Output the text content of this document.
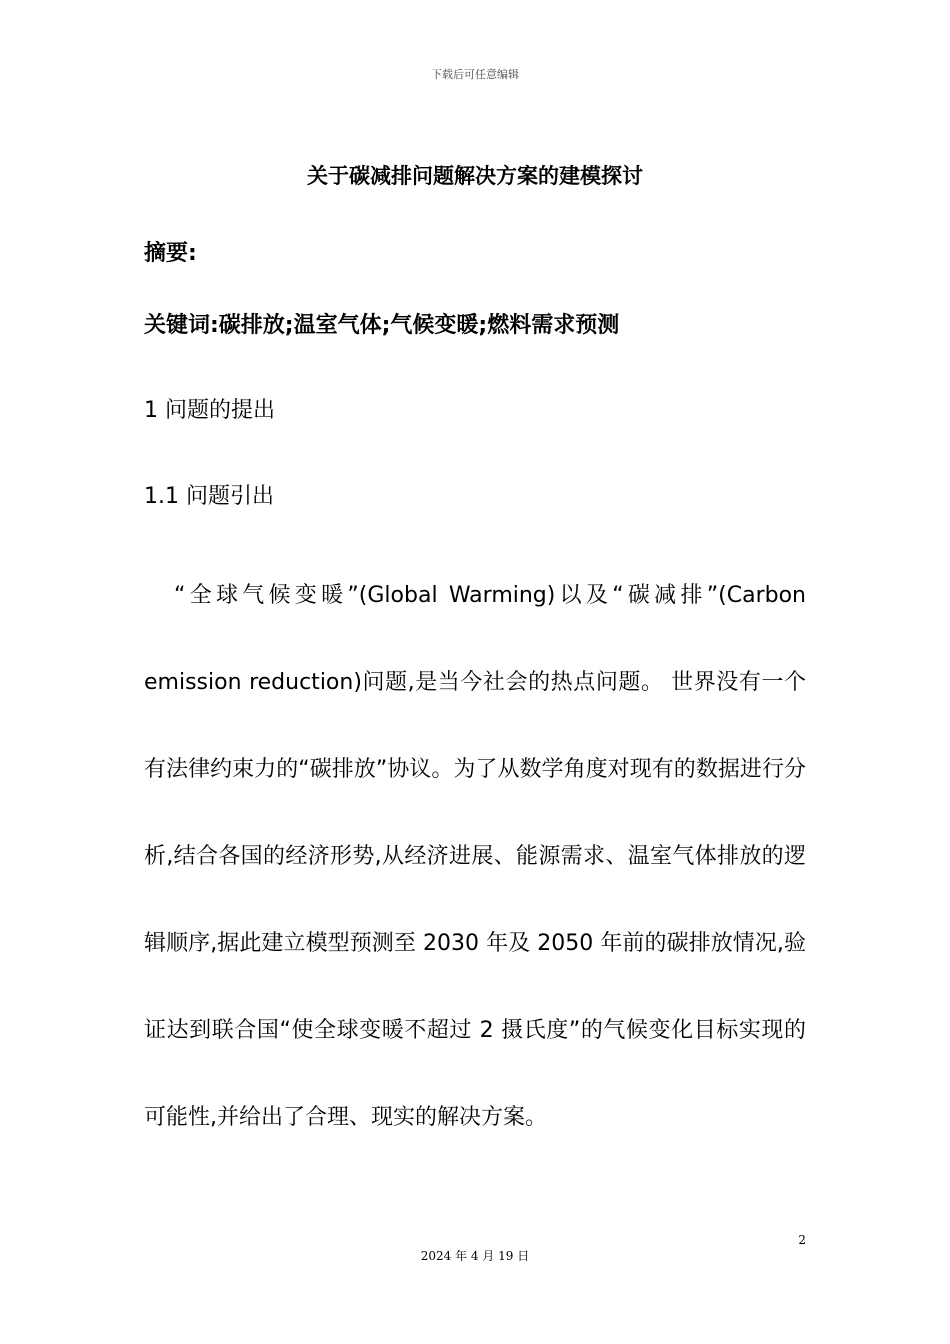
下载后可任意编辑
关于碳减排问题解决方案的建模探讨
摘要:
关键词:碳排放;温室气体;气候变暖;燃料需求预测
1 问题的提出
1.1 问题引出
“全球气候变暖”(Global Warming)以及“碳减排”(Carbon emission reduction)问题,是当今社会的热点问题。 世界没有一个有法律约束力的“碳排放”协议。为了从数学角度对现有的数据进行分析,结合各国的经济形势,从经济进展、能源需求、温室气体排放的逻辑顺序,据此建立模型预测至 2030 年及 2050 年前的碳排放情况,验证达到联合国“使全球变暖不超过 2 摄氏度”的气候变化目标实现的可能性,并给出了合理、现实的解决方案。
2
2024 年 4 月 19 日
